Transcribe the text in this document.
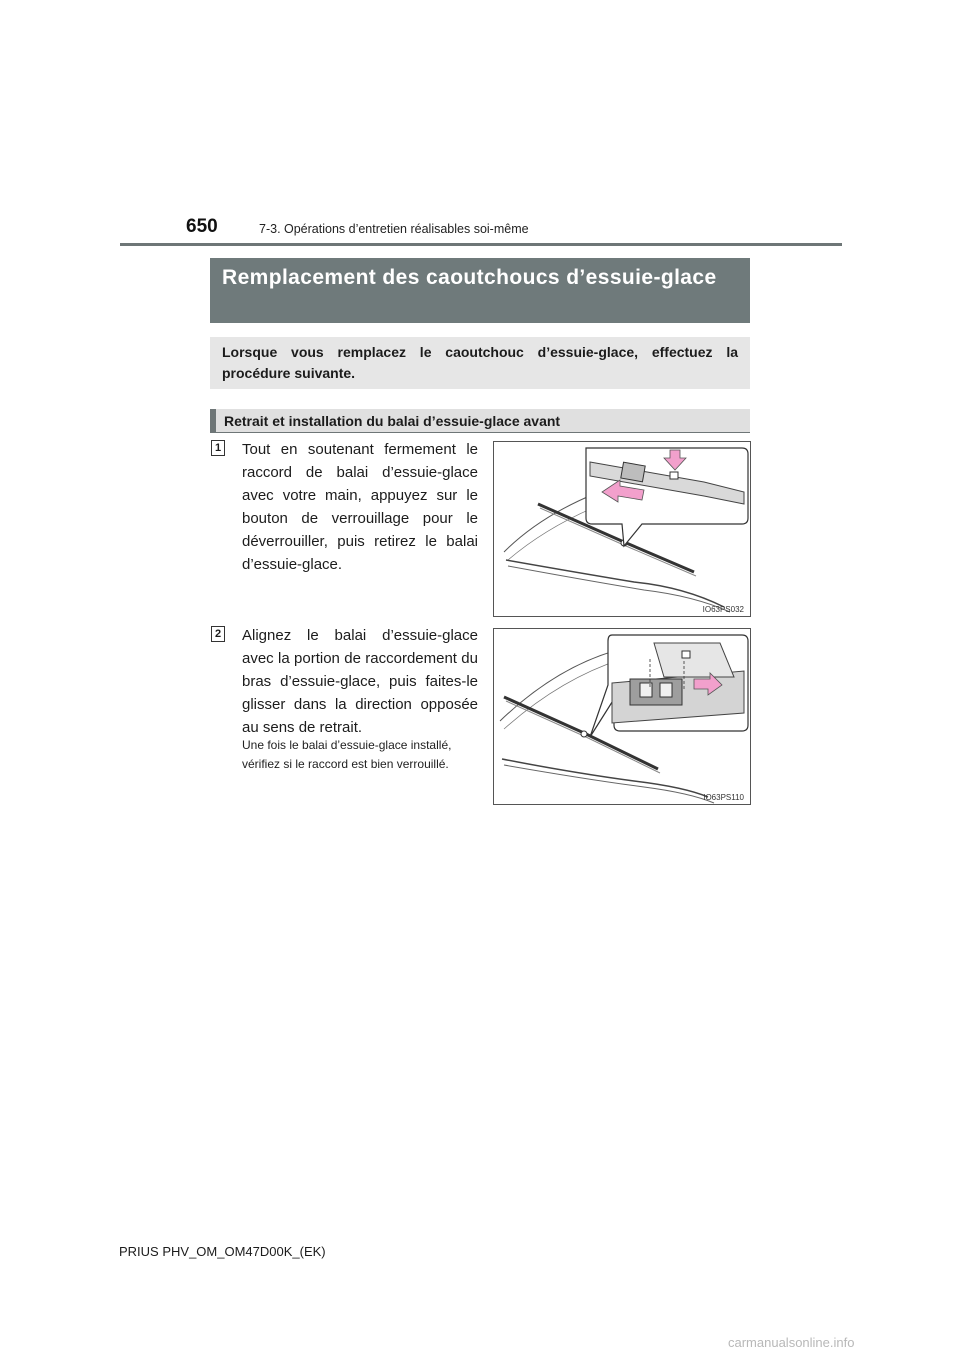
650	7-3. Opérations d’entretien réalisables soi-même
Remplacement des caoutchoucs d’essuie-glace
Lorsque vous remplacez le caoutchouc d’essuie-glace, effectuez la procédure suivante.
Retrait et installation du balai d’essuie-glace avant
1 Tout en soutenant fermement le raccord de balai d’essuie-glace avec votre main, appuyez sur le bouton de verrouillage pour le déverrouiller, puis retirez le balai d’essuie-glace.
IO63PS032
2 Alignez le balai d’essuie-glace avec la portion de raccordement du bras d’essuie-glace, puis faites-le glisser dans la direction opposée au sens de retrait.
Une fois le balai d’essuie-glace installé, vérifiez si le raccord est bien verrouillé.
IO63PS110
PRIUS PHV_OM_OM47D00K_(EK)
carmanualsonline.info
